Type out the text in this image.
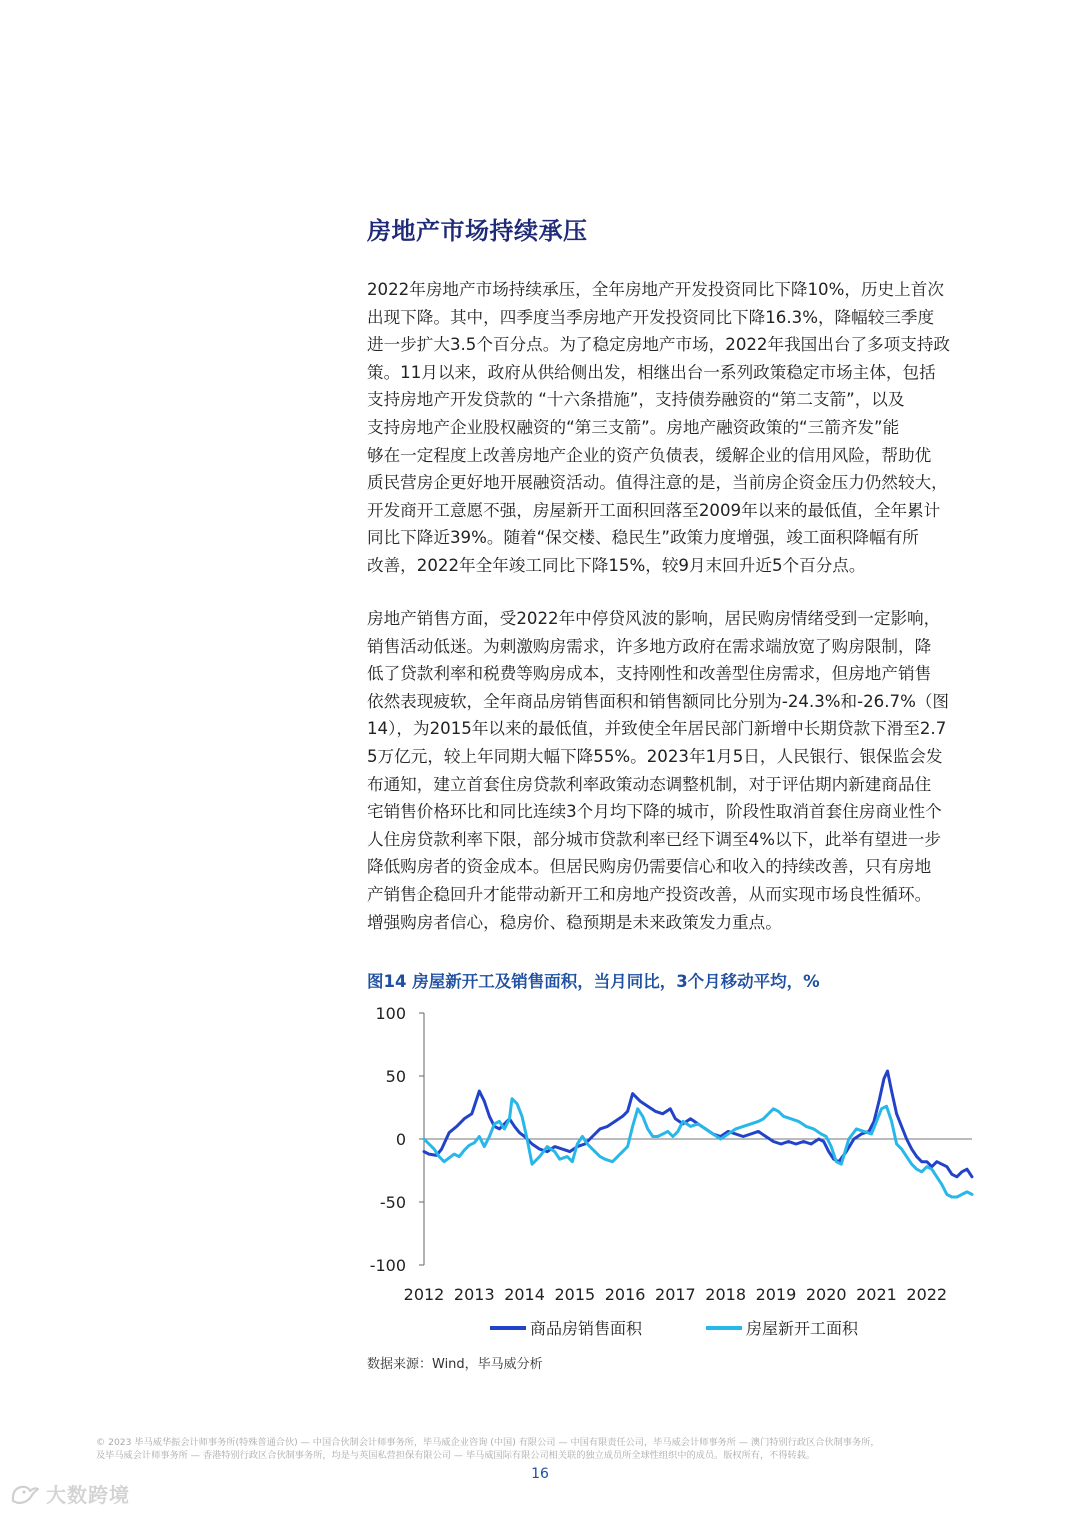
房地产市场持续承压
2022年房地产市场持续承压，全年房地产开发投资同比下降10%，历史上首次
出现下降。其中，四季度当季房地产开发投资同比下降16.3%，降幅较三季度
进一步扩大3.5个百分点。为了稳定房地产市场，2022年我国出台了多项支持政
策。11月以来，政府从供给侧出发，相继出台一系列政策稳定市场主体，包括
支持房地产开发贷款的 “十六条措施”，支持债券融资的“第二支箭”，以及
支持房地产企业股权融资的“第三支箭”。房地产融资政策的“三箭齐发”能
够在一定程度上改善房地产企业的资产负债表，缓解企业的信用风险，帮助优
质民营房企更好地开展融资活动。值得注意的是，当前房企资金压力仍然较大，
开发商开工意愿不强，房屋新开工面积回落至2009年以来的最低值，全年累计
同比下降近39%。随着“保交楼、稳民生”政策力度增强，竣工面积降幅有所
改善，2022年全年竣工同比下降15%，较9月末回升近5个百分点。
房地产销售方面，受2022年中停贷风波的影响，居民购房情绪受到一定影响，
销售活动低迷。为刺激购房需求，许多地方政府在需求端放宽了购房限制，降
低了贷款利率和税费等购房成本，支持刚性和改善型住房需求，但房地产销售
依然表现疲软，全年商品房销售面积和销售额同比分别为-24.3%和-26.7%（图
14），为2015年以来的最低值，并致使全年居民部门新增中长期贷款下滑至2.7
5万亿元，较上年同期大幅下降55%。2023年1月5日，人民银行、银保监会发
布通知，建立首套住房贷款利率政策动态调整机制，对于评估期内新建商品住
宅销售价格环比和同比连续3个月均下降的城市，阶段性取消首套住房商业性个
人住房贷款利率下限，部分城市贷款利率已经下调至4%以下，此举有望进一步
降低购房者的资金成本。但居民购房仍需要信心和收入的持续改善，只有房地
产销售企稳回升才能带动新开工和房地产投资改善，从而实现市场良性循环。
增强购房者信心，稳房价、稳预期是未来政策发力重点。
图14 房屋新开工及销售面积，当月同比，3个月移动平均，%
100
50
0
-50
-100
2012 2013 2014 2015 2016 2017 2018 2019 2020 2021 2022
商品房销售面积	房屋新开工面积
数据来源：Wind，毕马威分析
© 2023 毕马威华振会计师事务所(特殊普通合伙) — 中国合伙制会计师事务所，毕马威企业咨询 (中国) 有限公司 — 中国有限责任公司，毕马威会计师事务所 — 澳门特别行政区合伙制事务所，
及毕马威会计师事务所 — 香港特别行政区合伙制事务所，均是与英国私营担保有限公司 — 毕马威国际有限公司相关联的独立成员所全球性组织中的成员。版权所有，不得转载。
16
大数跨境
